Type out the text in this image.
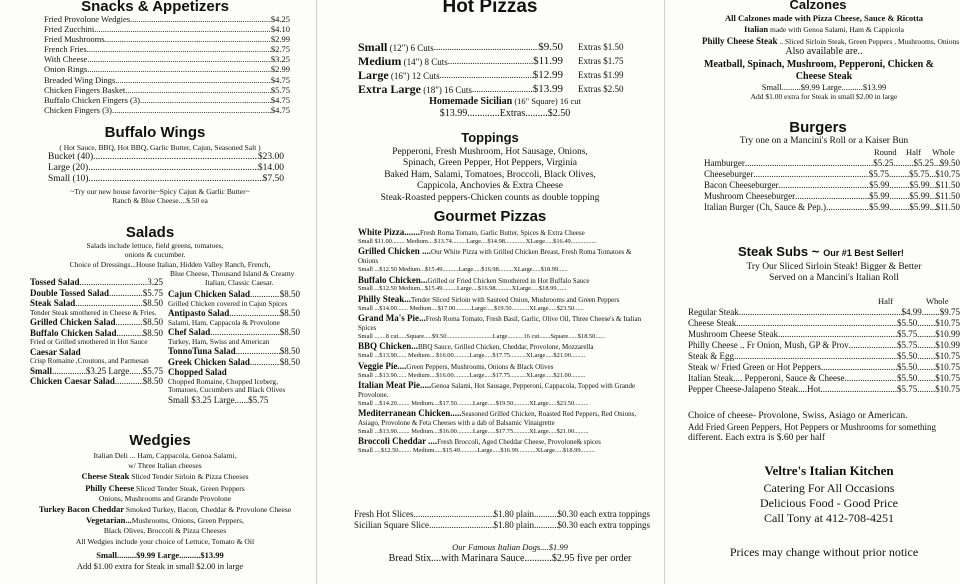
Snacks & Appetizers
Fried Provolone Wedgies .....	$4.25
Fried Zucchini .....	$4.10
Fried Mushrooms .....	$2.99
French Fries .....	$2.75
With Cheese .....	$3.25
Onion Rings .....	$2.99
Breaded Wing Dings .....	$4.75
Chicken Fingers Basket .....	$5.75
Buffalo Chicken Fingers (3) .....	$4.75
Chicken Fingers (3) .....	$4.75
Buffalo Wings
( Hot Sauce, BBQ, Hot BBQ, Garlic Butter, Cajun, Seasoned Salt )
Bucket (40) .....	$23.00
Large (20) .....	$14.00
Small (10) .....	$7.50
~Try our new house favorite~Spicy Cajun & Garlic Butter~
Ranch & Blue Cheese....$.50 ea
Salads
Salads include lettuce, field greens, tomatoes,
onions & cucumber.
Choice of Dressings...House Italian, Hidden Valley Ranch, French,
Blue Cheese, Thousand Island & Creamy
Italian, Classic Caesar.
Tossed Salad .....	3.25
Double Tossed Salad .....	$5.75
Steak Salad .....	$8.50
Tender Steak smothered in Cheese & Fries.
Grilled Chicken Salad .....	$8.50
Buffalo Chicken Salad .....	$8.50
Fried or Grilled smothered in Hot Sauce
Caesar Salad
Crisp Romaine ,Croutons, and Parmesan
Small .....	...$3.25 Large......$5.75
Chicken Caesar Salad .....	$8.50
Cajun Chicken Salad .....	$8.50
Grilled Chicken covered in Cajun Spices
Antipasto Salad .....	$8.50
Salami, Ham, Cappacola & Provolone
Chef Salad .....	$8.50
Turkey, Ham, Swiss and American
TonnoTuna Salad .....	$8.50
Greek Chicken Salad .....	$8.50
Chopped Salad
Chopped Romaine, Chopped Iceberg, Tomatoes, Cucumbers and Black Olives
Small $3.25 Large......$5.75
Wedgies
Italian Deli ... Ham, Cappacola, Genoa Salami,
w/ Three Italian cheeses
Cheese Steak Sliced Tender Sirloin & Pizza Cheeses
Philly Cheese Sliced Tender Steak, Green Peppers
Onions, Mushrooms and Grande Provolone
Turkey Bacon Cheddar Smoked Turkey, Bacon, Cheddar & Provolone Cheese
Vegetarian...Mushrooms, Onions, Green Peppers,
Black Olives, Broccoli & Pizza Cheeses
All Wedgies include your choice of Lettuce, Tomato & Oil
Small.........$9.99 Large..........$13.99
Add $1.00 extra for Steak in small $2.00 in large
Hot Pizzas
Small (12") 6 Cuts .....	$9.50 Extras $1.50
Medium (14") 8 Cuts .....	$11.99 Extras $1.75
Large (16") 12 Cuts .....	$12.99 Extras $1.99
Extra Large (18") 16 Cuts .....	$13.99 Extras $2.50
Homemade Sicilian (16" Square) 16 cut
$13.99.............Extras.........$2.50
Toppings
Pepperoni, Fresh Mushroom, Hot Sausage, Onions,
Spinach, Green Pepper, Hot Peppers, Virginia
Baked Ham, Salami, Tomatoes, Broccoli, Black Olives,
Cappicola, Anchovies & Extra Cheese
Steak-Roasted peppers-Chicken counts as double topping
Gourmet Pizzas
White Pizza.......Fresh Roma Tomato, Garlic Butter, Spices & Extra Cheese
Small $11.00........ Medium....$13.74.........Large....$14.98.............XLarge.....$16.49................
Grilled Chicken ....Our White Pizza with Grilled Chicken Breast, Fresh Roma Tomatoes & Onions
Small ...$12.50 Medium...$15.49..........Large.....$16.98.........XLarge.....$18.99......
Buffalo Chicken...Grilled or Fried Chicken Smothered in Hot Buffalo Sauce
Small ...$12.50 Medium...$15.49.........Large....$16.98..........XLarge.....$18.99......
Philly Steak...Tender Sliced Sirloin with Sauteed Onion, Mushrooms and Green Peppers
Small ...$14.00....... Medium....$17.00..........Large.....$19.50...........XLarge.....$23.50......
Grand Ma's Pie...Fresh Roma Tomato, Fresh Basil, Garlic, Olive Oil, Three Cheese's & Italian Spices
Small .......8 cut.....Square.....$9.50.............................Large..........16 cut.......Square......$18.50......
BBQ Chicken...BBQ Sauce, Grilled Chicken, Cheddar, Provolone, Mozzarella
Small ...$13.90...... Medium....$16.00..........Large.....$17.75..........XLarge.....$21.00.........
Veggie Pie....Green Peppers, Mushrooms, Onions & Black Olives
Small ...$13.90...... Medium....$16.00..........Large.....$17.75..........XLarge.....$21.00.........
Italian Meat Pie.....Genoa Salami, Hot Sausage, Pepperoni, Cappacola, Topped with Grande Provolone.
Small ...$14.20........ Medium....$17.50..........Large.....$19.50..........XLarge.....$23.50.........
Mediterranean Chicken.....Seasoned Grilled Chicken, Roasted Red Peppers, Red Onions, Asiago, Provolone & Feta Cheeses with a dab of Balsamic Vinaigrette
Small ...$13.90........ Medium....$16.00..........Large.....$17.75..........XLarge.....$21.00.........
Broccoli Cheddar ....Fresh Broccoli, Aged Cheddar Cheese, Provolone& spices
Small ....$12.50........ Medium.....$15.49...........Large.....$16.99...........XLarge.....$18.99.........
Fresh Hot Slices .....	$1.80 plain .....	$0.30 each extra toppings
Sicilian Square Slice .....	$1.80 plain .....	$0.30 each extra toppings
Our Famous Italian Dogs....$1.99
Bread Stix....with Marinara Sauce...........$2.95 five per order
Calzones
All Calzones made with Pizza Cheese, Sauce & Ricotta
Italian made with Genoa Salami, Ham & Cappicola
Philly Cheese Steak .. Sliced Sirloin Steak, Green Peppers , Mushrooms, Onions
Also available are..
Meatball, Spinach, Mushroom, Pepperoni, Chicken &
Cheese Steak
Small.........$9.99 Large..........$13.99
Add $1.00 extra for Steak in small $2.00 in large
Burgers
Try one on a Mancini's Roll or a Kaiser Bun
Round Half Whole
Hamburger .....	$5.25 ..... $5.25 ..... $9.50
Cheeseburger .....	$5.75 ..... $5.75 ..... $10.75
Bacon Cheeseburger .....	$5.99 ..... $5.99 ..... $11.50
Mushroom Cheeseburger .....	$5.99 ..... $5.99 ..... $11.50
Italian Burger (Ch, Sauce & Pep.) .....	$5.99 ..... $5.99 ..... $11.50
Steak Subs ~ Our #1 Best Seller!
Try Our Sliced Sirloin Steak! Bigger & Better
Served on a Mancini's Italian Roll
Half	Whole
Regular Steak .....	$4.99 ..... $9.75
Cheese Steak .....	$5.50 ..... $10.75
Mushroom Cheese Steak .....	$5.75 ..... $10.99
Philly Cheese .. Fr Onion, Mush, GP & Prov .....	$5.75 ..... $10.99
Steak & Egg .....	$5.50 ..... $10.75
Steak w/ Fried Green or Hot Peppers .....	$5.50 ..... $10.75
Italian Steak.... Pepperoni, Sauce & Cheese .....	$5.50 ..... $10.75
Pepper Cheese-Jalapeno Steak....Hot .....	$5.75 ..... $10.75
Choice of cheese- Provolone, Swiss, Asiago or American.
Add Fried Green Peppers, Hot Peppers or Mushrooms for something
different. Each extra is $.60 per half
Veltre's Italian Kitchen
Catering For All Occasions
Delicious Food - Good Price
Call Tony at 412-708-4251
Prices may change without prior notice
